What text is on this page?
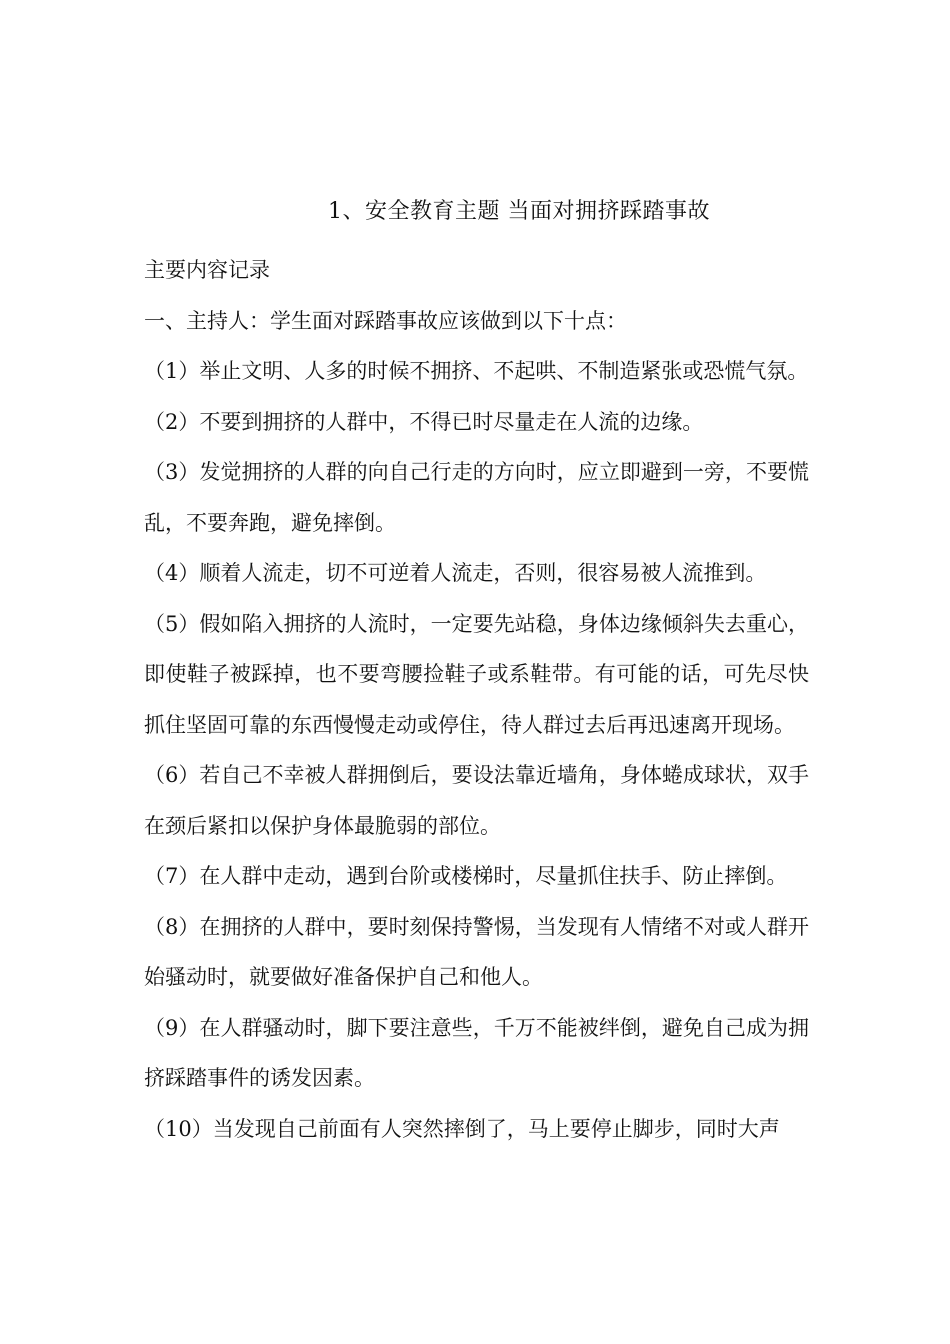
1、安全教育主题 当面对拥挤踩踏事故

主要内容记录

一、主持人：学生面对踩踏事故应该做到以下十点：

（1）举止文明、人多的时候不拥挤、不起哄、不制造紧张或恐慌气氛。

（2）不要到拥挤的人群中，不得已时尽量走在人流的边缘。

（3）发觉拥挤的人群的向自己行走的方向时，应立即避到一旁，不要慌乱，不要奔跑，避免摔倒。

（4）顺着人流走，切不可逆着人流走，否则，很容易被人流推到。

（5）假如陷入拥挤的人流时，一定要先站稳，身体边缘倾斜失去重心，即使鞋子被踩掉，也不要弯腰捡鞋子或系鞋带。有可能的话，可先尽快抓住坚固可靠的东西慢慢走动或停住，待人群过去后再迅速离开现场。

（6）若自己不幸被人群拥倒后，要设法靠近墙角，身体蜷成球状，双手在颈后紧扣以保护身体最脆弱的部位。

（7）在人群中走动，遇到台阶或楼梯时，尽量抓住扶手、防止摔倒。

（8）在拥挤的人群中，要时刻保持警惕，当发现有人情绪不对或人群开始骚动时，就要做好准备保护自己和他人。

（9）在人群骚动时，脚下要注意些，千万不能被绊倒，避免自己成为拥挤踩踏事件的诱发因素。

（10）当发现自己前面有人突然摔倒了，马上要停止脚步，同时大声
